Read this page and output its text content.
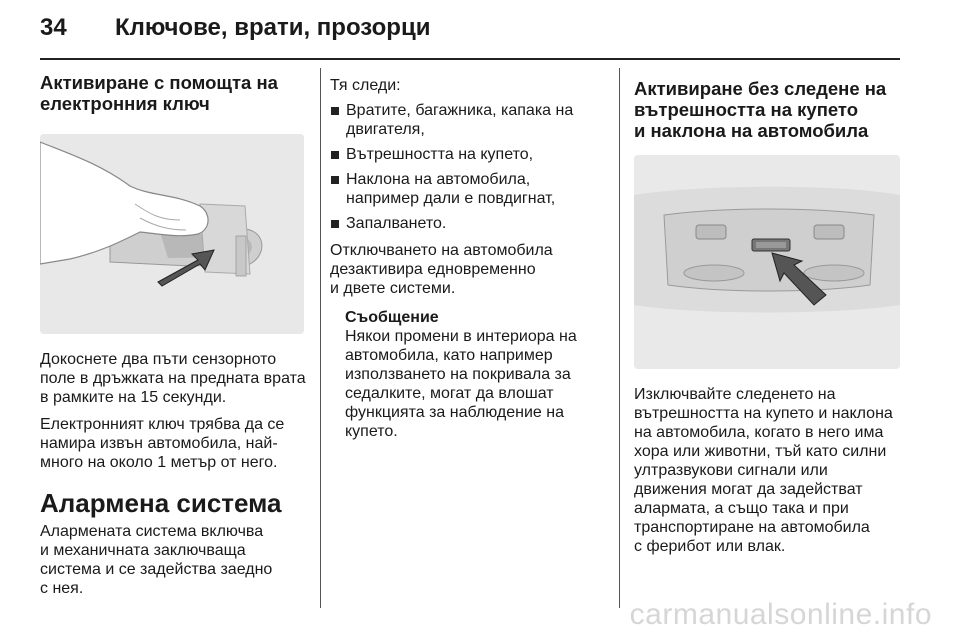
34 Ключове, врати, прозорци
Активиране с помощта на
електронния ключ

Докоснете два пъти сензорното
поле в дръжката на предната врата
в рамките на 15 секунди.

Електронният ключ трябва да се
намира извън автомобила, най-
много на около 1 метър от него.

Алармена система

Алармената система включва
и механичната заключваща
система и се задейства заедно
с нея.

Тя следи:

Вратите, багажника, капака на
двигателя,
Вътрешността на купето,
Наклона на автомобила,
например дали е повдигнат,
Запалването.

Отключването на автомобила
дезактивира едновременно
и двете системи.

Съобщение
Някои промени в интериора на
автомобила, като например
използването на покривала за
седалките, могат да влошат
функцията за наблюдение на
купето.
Активиране без следене на
вътрешността на купето
и наклона на автомобила

Изключвайте следенето на
вътрешността на купето и наклона
на автомобила, когато в него има
хора или животни, тъй като силни
ултразвукови сигнали или
движения могат да задействат
алармата, а също така и при
транспортиране на автомобила
с ферибот или влак.

carmanualsonline.info
